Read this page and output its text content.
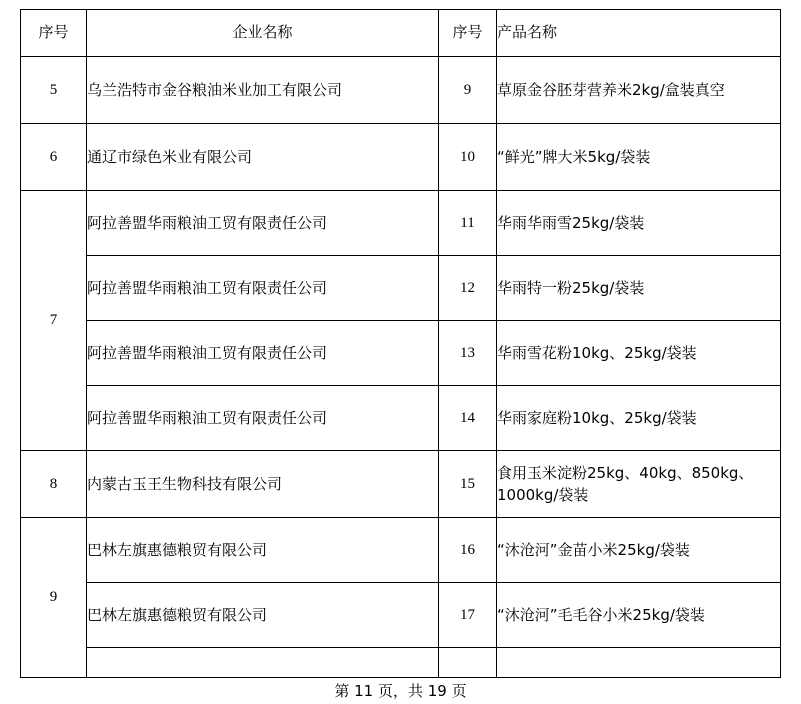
序号	企业名称	序号	产品名称
5	乌兰浩特市金谷粮油米业加工有限公司	9	草原金谷胚芽营养米2kg/盒装真空
6	通辽市绿色米业有限公司	10	“鲜光”牌大米5kg/袋装
7	阿拉善盟华雨粮油工贸有限责任公司	11	华雨华雨雪25kg/袋装
	阿拉善盟华雨粮油工贸有限责任公司	12	华雨特一粉25kg/袋装
	阿拉善盟华雨粮油工贸有限责任公司	13	华雨雪花粉10kg、25kg/袋装
	阿拉善盟华雨粮油工贸有限责任公司	14	华雨家庭粉10kg、25kg/袋装
8	内蒙古玉王生物科技有限公司	15	食用玉米淀粉25kg、40kg、850kg、1000kg/袋装
9	巴林左旗惠德粮贸有限公司	16	“沐沧河”金苗小米25kg/袋装
	巴林左旗惠德粮贸有限公司	17	“沐沧河”毛毛谷小米25kg/袋装

第 11 页，共 19 页
